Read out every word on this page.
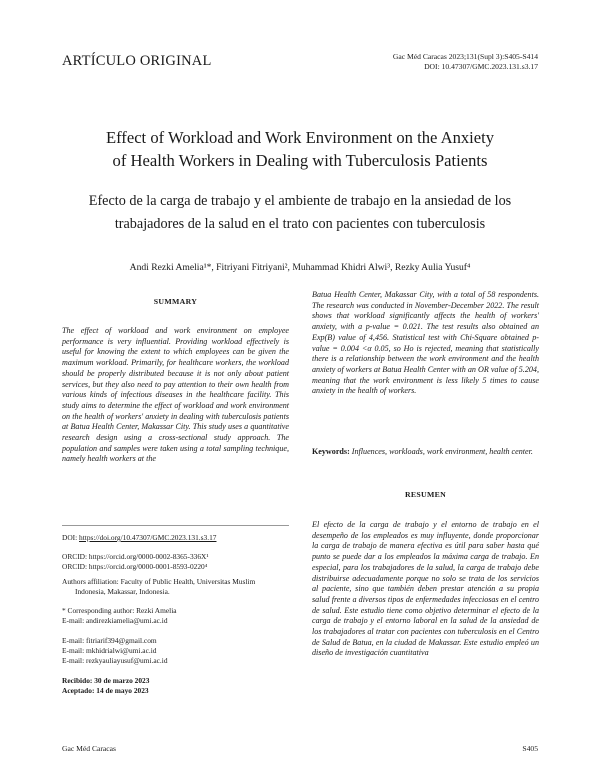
ARTÍCULO ORIGINAL	Gac Méd Caracas 2023;131(Supl 3):S405-S414
DOI: 10.47307/GMC.2023.131.s3.17
Effect of Workload and Work Environment on the Anxiety
of Health Workers in Dealing with Tuberculosis Patients
Efecto de la carga de trabajo y el ambiente de trabajo en la ansiedad de los
trabajadores de la salud en el trato con pacientes con tuberculosis
Andi Rezki Amelia¹*, Fitriyani Fitriyani², Muhammad Khidri Alwi³, Rezky Aulia Yusuf⁴
SUMMARY

The effect of workload and work environment on employee performance is very influential. Providing workload effectively is useful for knowing the extent to which employees can be given the maximum workload. Primarily, for healthcare workers, the workload should be properly distributed because it is not only about patient services, but they also need to pay attention to their own health from various kinds of infectious diseases in the healthcare facility. This study aims to determine the effect of workload and work environment on the health of workers' anxiety in dealing with tuberculosis patients at Batua Health Center, Makassar City. This study uses a quantitative research design using a cross-sectional study approach. The population and samples were taken using a total sampling technique, namely health workers at the

Batua Health Center, Makassar City, with a total of 58 respondents. The research was conducted in November-December 2022. The result shows that workload significantly affects the health of workers' anxiety, with a p-value = 0.021. The test results also obtained an Exp(B) value of 4,456. Statistical test with Chi-Square obtained p-value = 0.004 <α 0.05, so Ho is rejected, meaning that statistically there is a relationship between the work environment and the health anxiety of workers at Batua Health Center with an OR value of 5.204, meaning that the work environment is less likely 5 times to cause anxiety in the health of workers.

Keywords: Influences, workloads, work environment, health center.
RESUMEN

El efecto de la carga de trabajo y el entorno de trabajo en el desempeño de los empleados es muy influyente, donde proporcionar la carga de trabajo de manera efectiva es útil para saber hasta qué punto se puede dar a los empleados la máxima carga de trabajo. En especial, para los trabajadores de la salud, la carga de trabajo debe distribuirse adecuadamente porque no solo se trata de los servicios al paciente, sino que también deben prestar atención a su propia salud frente a diversos tipos de enfermedades infecciosas en el centro de salud. Este estudio tiene como objetivo determinar el efecto de la carga de trabajo y el entorno laboral en la salud de la ansiedad de los trabajadores al tratar con pacientes con tuberculosis en el Centro de Salud de Batua, en la ciudad de Makassar. Este estudio empleó un diseño de investigación cuantitativa

DOI: https://doi.org/10.47307/GMC.2023.131.s3.17
ORCID: https://orcid.org/0000-0002-8365-336X¹
ORCID: https://orcid.org/0000-0001-8593-0220⁴
Authors affiliation: Faculty of Public Health, Universitas Muslim
Indonesia, Makassar, Indonesia.
* Corresponding author: Rezki Amelia
E-mail: andirezkiamelia@umi.ac.id
E-mail: fitriarif394@gmail.com
E-mail: mkhidrialwi@umi.ac.id
E-mail: rezkyauliayusuf@umi.ac.id
Recibido: 30 de marzo 2023
Aceptado: 14 de mayo 2023
Gac Méd Caracas	S405
